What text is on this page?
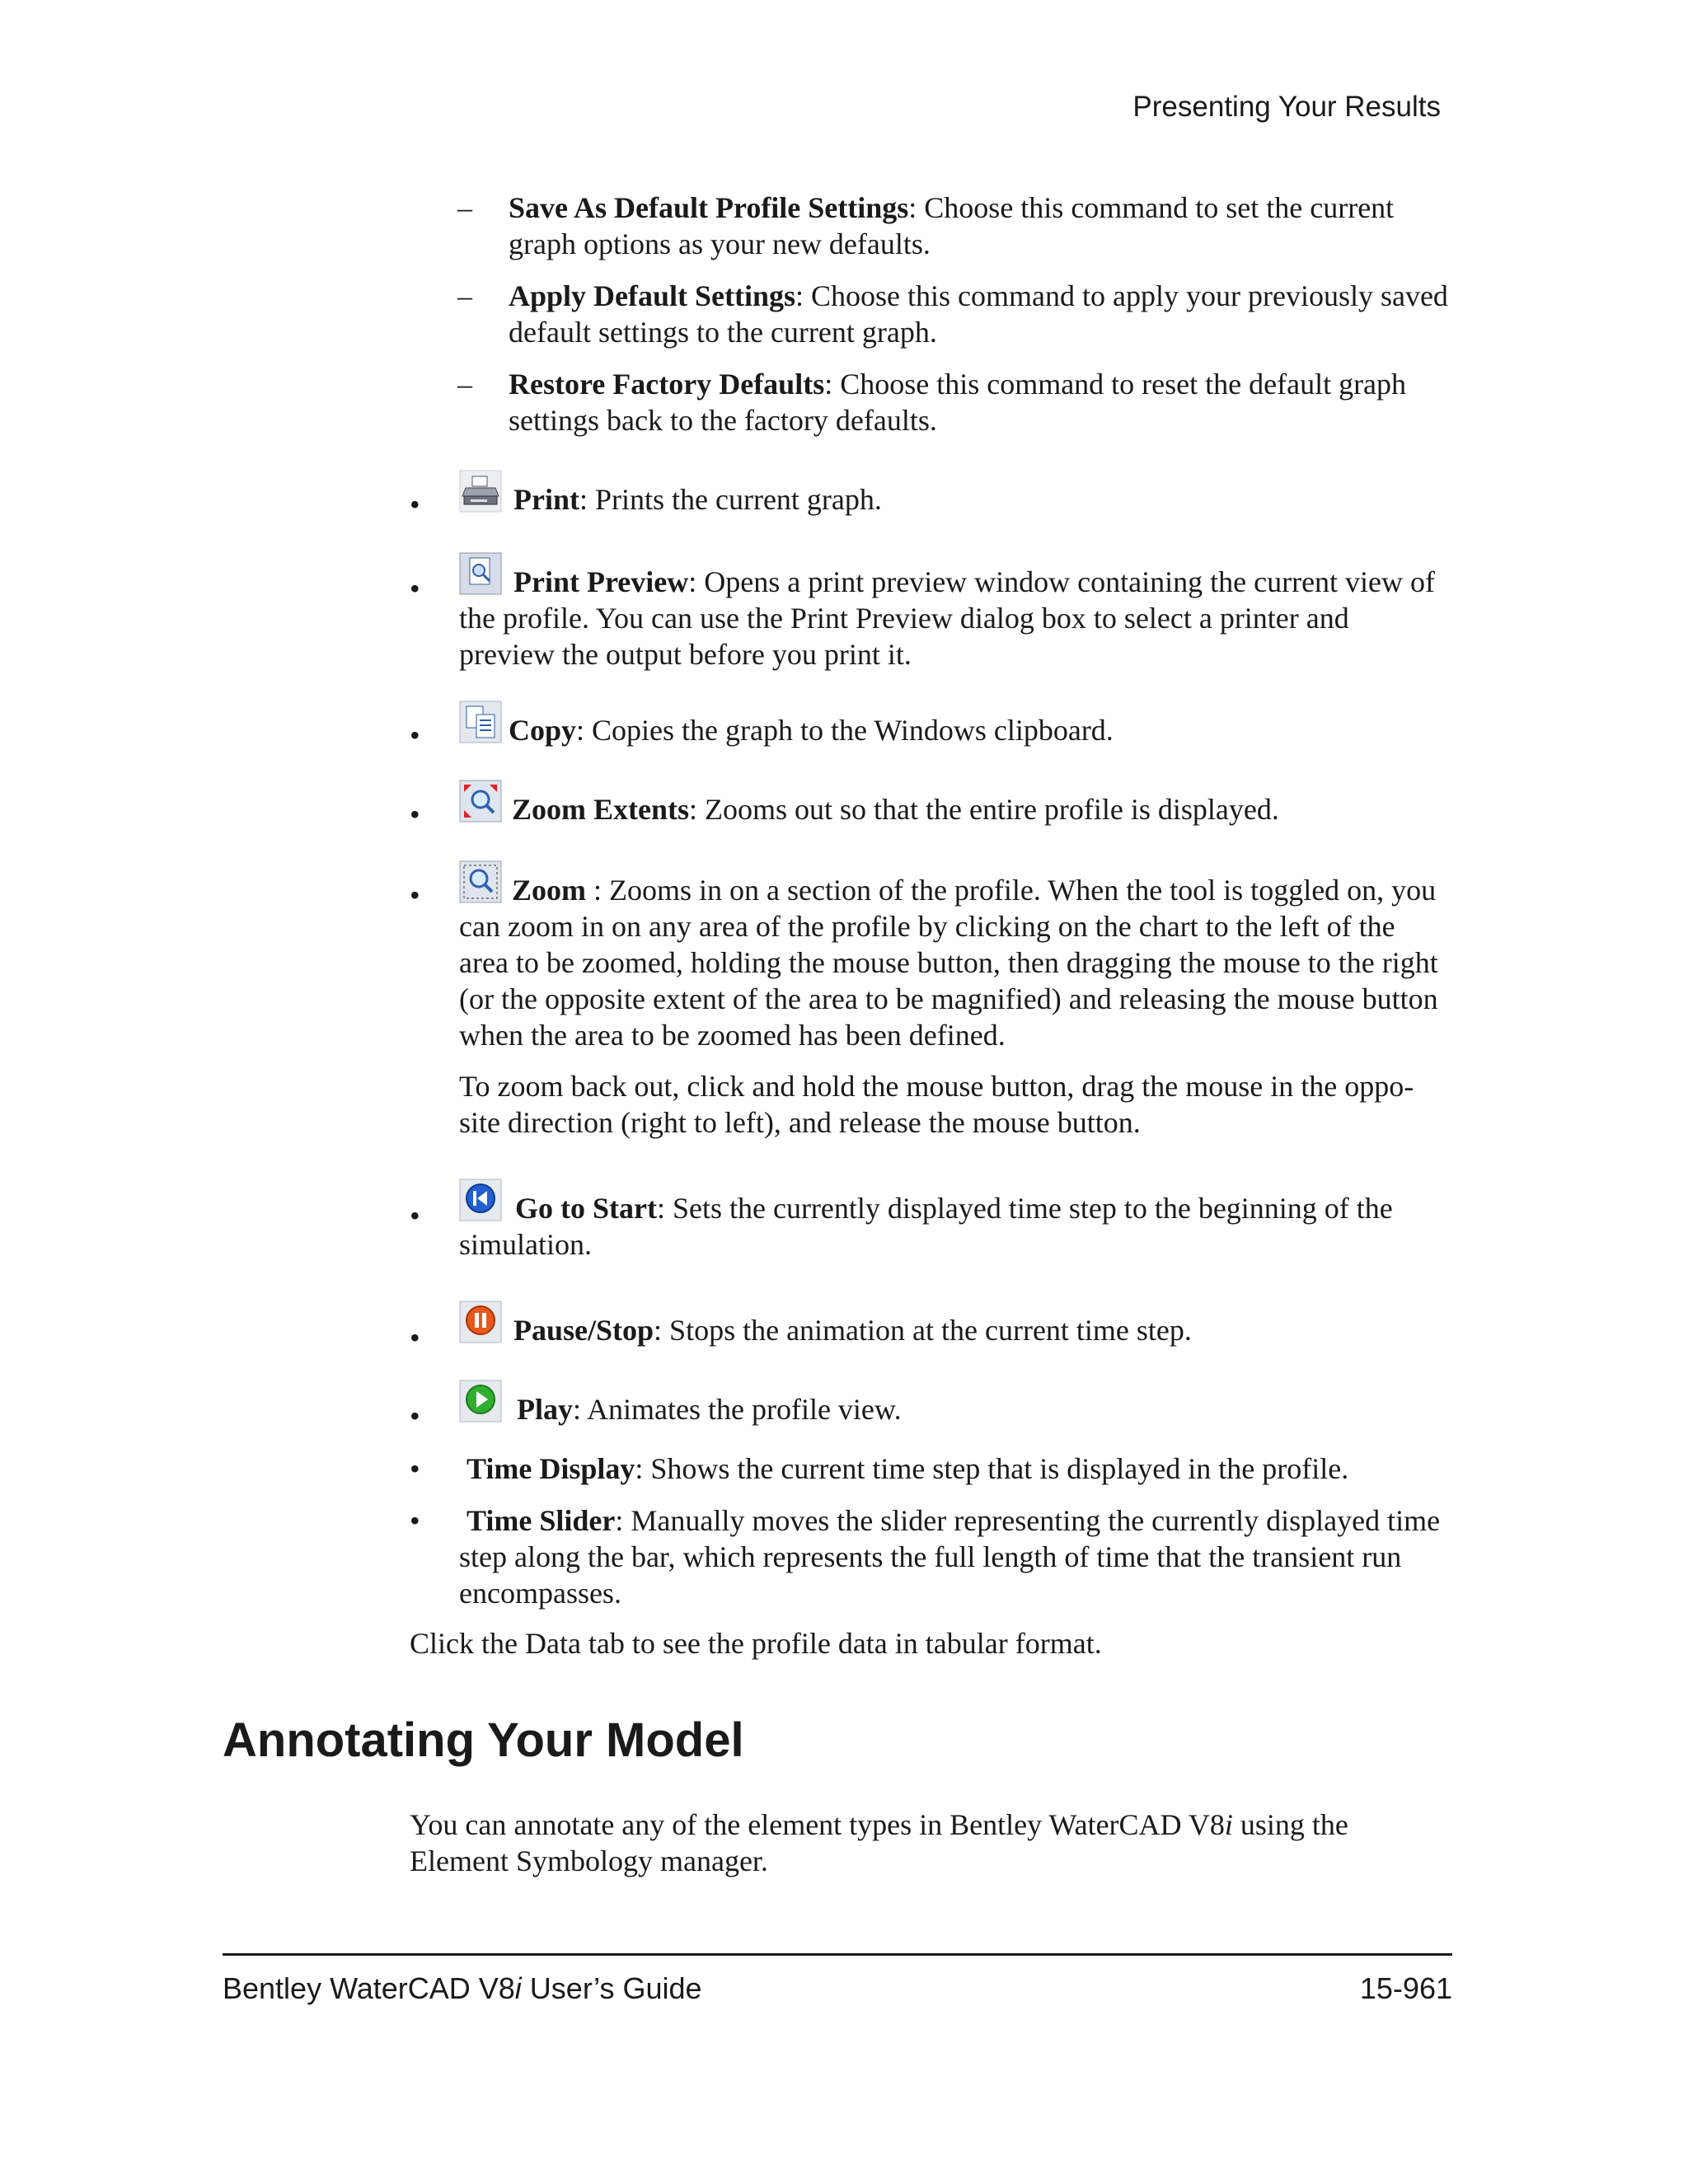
Presenting Your Results
– Save As Default Profile Settings: Choose this command to set the current graph options as your new defaults.
– Apply Default Settings: Choose this command to apply your previously saved default settings to the current graph.
– Restore Factory Defaults: Choose this command to reset the default graph settings back to the factory defaults.
•	Print: Prints the current graph.
•	Print Preview: Opens a print preview window containing the current view of the profile. You can use the Print Preview dialog box to select a printer and preview the output before you print it.
•	Copy: Copies the graph to the Windows clipboard.
•	Zoom Extents: Zooms out so that the entire profile is displayed.
•	Zoom : Zooms in on a section of the profile. When the tool is toggled on, you can zoom in on any area of the profile by clicking on the chart to the left of the area to be zoomed, holding the mouse button, then dragging the mouse to the right (or the opposite extent of the area to be magnified) and releasing the mouse button when the area to be zoomed has been defined.
To zoom back out, click and hold the mouse button, drag the mouse in the oppo-site direction (right to left), and release the mouse button.
•	Go to Start: Sets the currently displayed time step to the beginning of the simulation.
•	Pause/Stop: Stops the animation at the current time step.
•	Play: Animates the profile view.
• Time Display: Shows the current time step that is displayed in the profile.
• Time Slider: Manually moves the slider representing the currently displayed time step along the bar, which represents the full length of time that the transient run encompasses.
Click the Data tab to see the profile data in tabular format.
Annotating Your Model
You can annotate any of the element types in Bentley WaterCAD V8i using the Element Symbology manager.
Bentley WaterCAD V8i User’s Guide	15-961
